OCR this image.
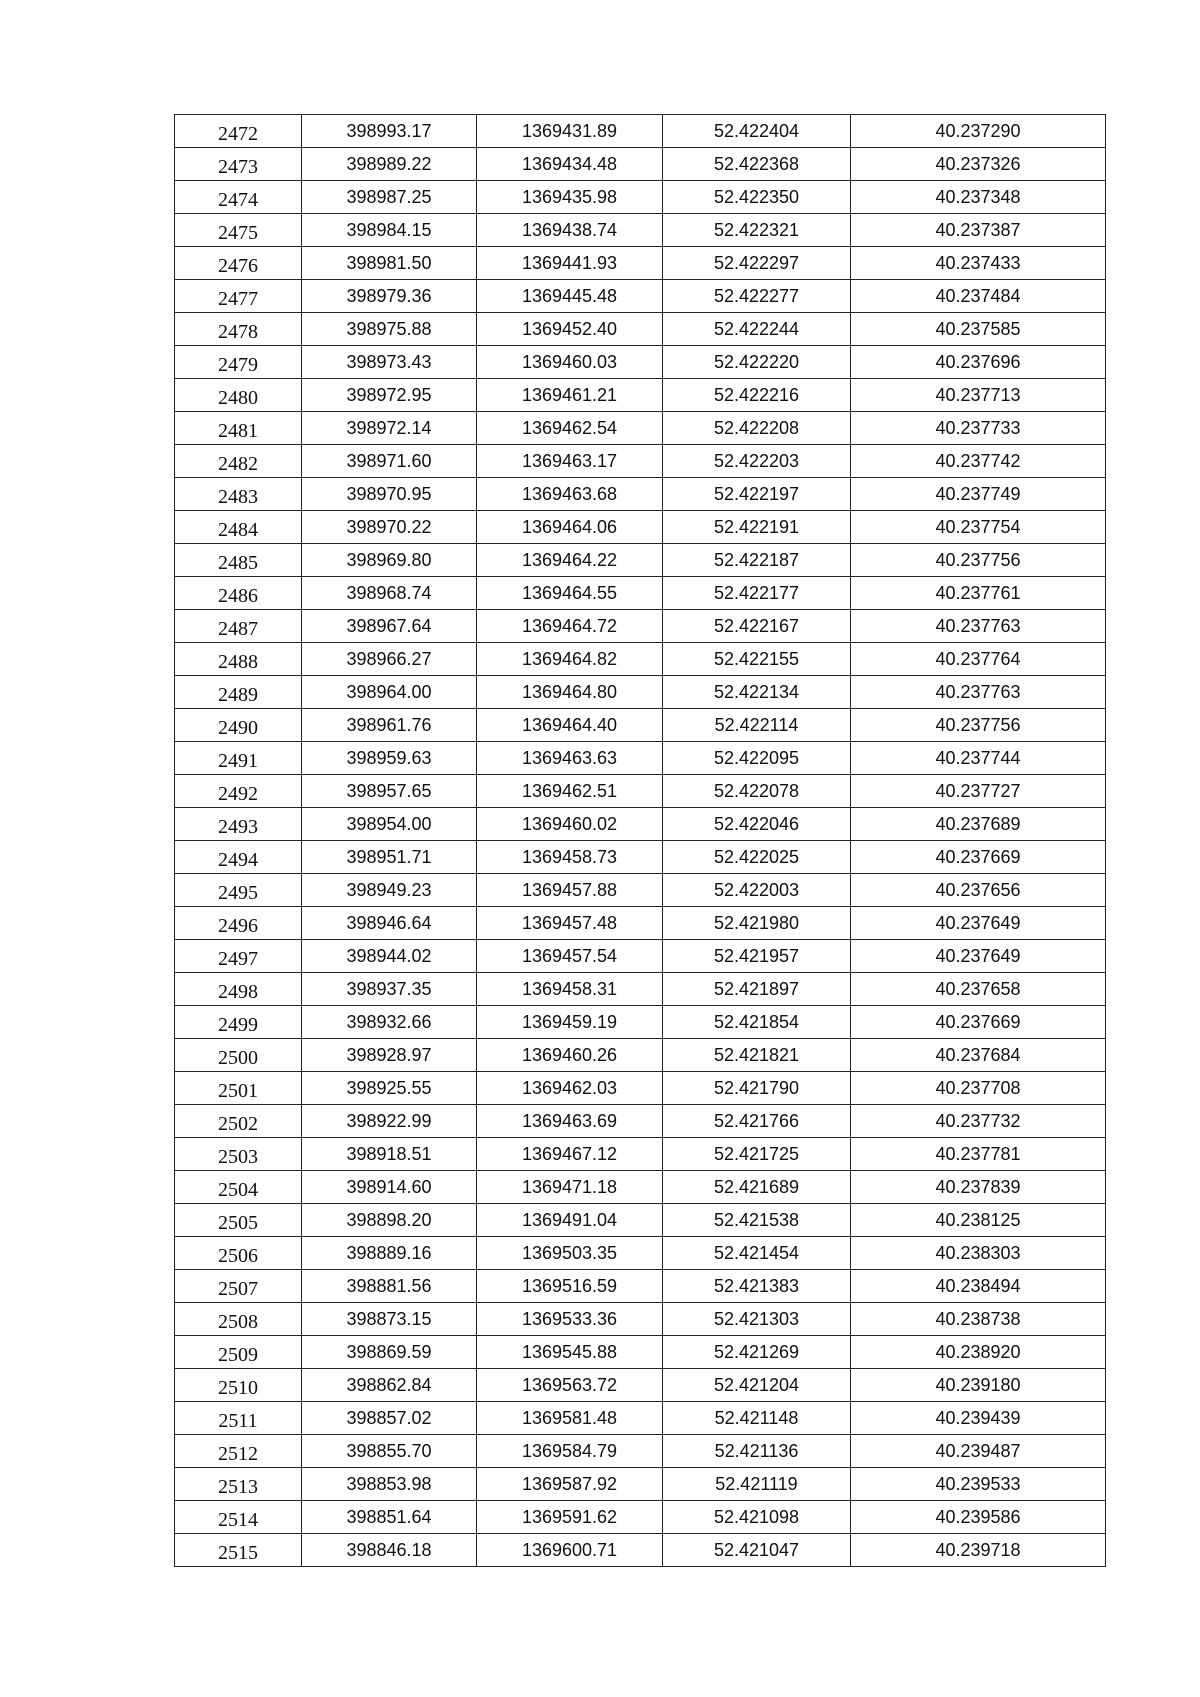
2472	398993.17	1369431.89	52.422404	40.237290
2473	398989.22	1369434.48	52.422368	40.237326
2474	398987.25	1369435.98	52.422350	40.237348
2475	398984.15	1369438.74	52.422321	40.237387
2476	398981.50	1369441.93	52.422297	40.237433
2477	398979.36	1369445.48	52.422277	40.237484
2478	398975.88	1369452.40	52.422244	40.237585
2479	398973.43	1369460.03	52.422220	40.237696
2480	398972.95	1369461.21	52.422216	40.237713
2481	398972.14	1369462.54	52.422208	40.237733
2482	398971.60	1369463.17	52.422203	40.237742
2483	398970.95	1369463.68	52.422197	40.237749
2484	398970.22	1369464.06	52.422191	40.237754
2485	398969.80	1369464.22	52.422187	40.237756
2486	398968.74	1369464.55	52.422177	40.237761
2487	398967.64	1369464.72	52.422167	40.237763
2488	398966.27	1369464.82	52.422155	40.237764
2489	398964.00	1369464.80	52.422134	40.237763
2490	398961.76	1369464.40	52.422114	40.237756
2491	398959.63	1369463.63	52.422095	40.237744
2492	398957.65	1369462.51	52.422078	40.237727
2493	398954.00	1369460.02	52.422046	40.237689
2494	398951.71	1369458.73	52.422025	40.237669
2495	398949.23	1369457.88	52.422003	40.237656
2496	398946.64	1369457.48	52.421980	40.237649
2497	398944.02	1369457.54	52.421957	40.237649
2498	398937.35	1369458.31	52.421897	40.237658
2499	398932.66	1369459.19	52.421854	40.237669
2500	398928.97	1369460.26	52.421821	40.237684
2501	398925.55	1369462.03	52.421790	40.237708
2502	398922.99	1369463.69	52.421766	40.237732
2503	398918.51	1369467.12	52.421725	40.237781
2504	398914.60	1369471.18	52.421689	40.237839
2505	398898.20	1369491.04	52.421538	40.238125
2506	398889.16	1369503.35	52.421454	40.238303
2507	398881.56	1369516.59	52.421383	40.238494
2508	398873.15	1369533.36	52.421303	40.238738
2509	398869.59	1369545.88	52.421269	40.238920
2510	398862.84	1369563.72	52.421204	40.239180
2511	398857.02	1369581.48	52.421148	40.239439
2512	398855.70	1369584.79	52.421136	40.239487
2513	398853.98	1369587.92	52.421119	40.239533
2514	398851.64	1369591.62	52.421098	40.239586
2515	398846.18	1369600.71	52.421047	40.239718
